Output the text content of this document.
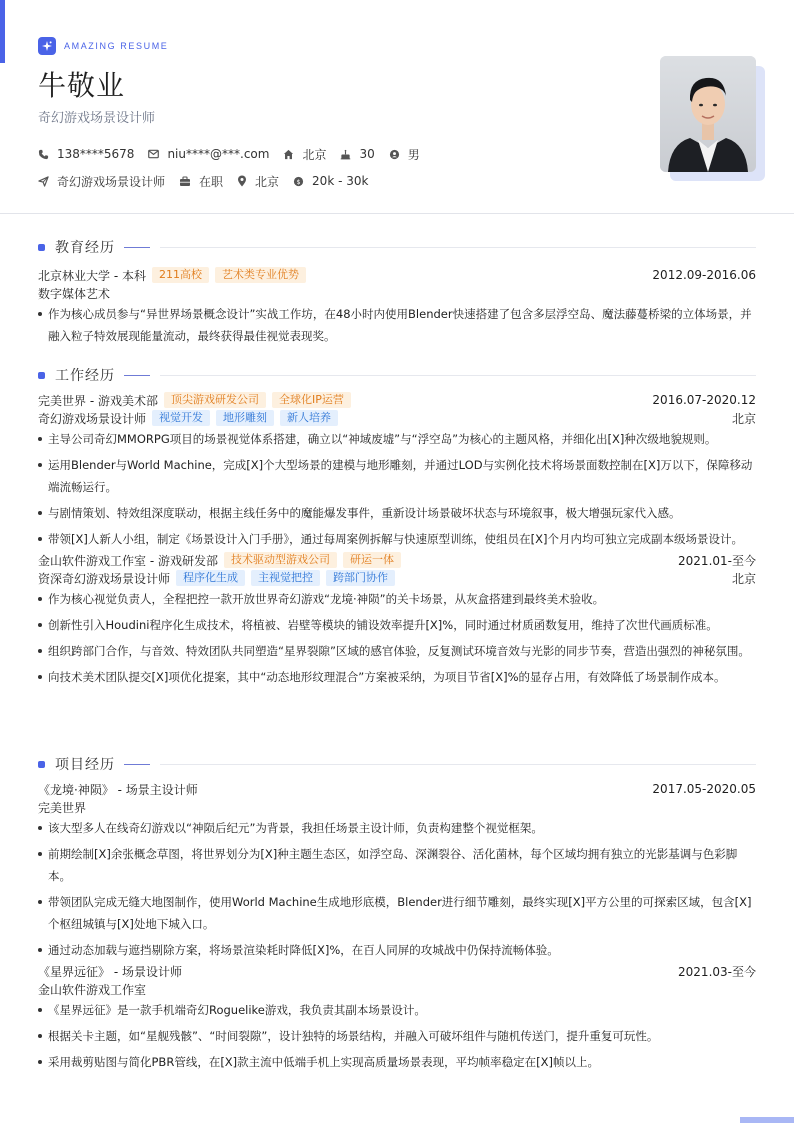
AMAZING RESUME
牛敬业
奇幻游戏场景设计师
138****5678	niu****@***.com	北京	30	男
奇幻游戏场景设计师	在职	北京 $ 20k - 30k
教育经历
北京林业大学 - 本科	211高校	艺术类专业优势	2012.09-2016.06
数字媒体艺术
作为核心成员参与“异世界场景概念设计”实战工作坊，在48小时内使用Blender快速搭建了包含多层浮空岛、魔法藤蔓桥梁的立体场景，并融入粒子特效展现能量流动，最终获得最佳视觉表现奖。
工作经历
完美世界 - 游戏美术部	顶尖游戏研发公司	全球化IP运营	2016.07-2020.12
奇幻游戏场景设计师	视觉开发	地形雕刻	新人培养	北京
主导公司奇幻MMORPG项目的场景视觉体系搭建，确立以“神域废墟”与“浮空岛”为核心的主题风格，并细化出[X]种次级地貌规则。
运用Blender与World Machine，完成[X]个大型场景的建模与地形雕刻，并通过LOD与实例化技术将场景面数控制在[X]万以下，保障移动端流畅运行。
与剧情策划、特效组深度联动，根据主线任务中的魔能爆发事件，重新设计场景破坏状态与环境叙事，极大增强玩家代入感。
带领[X]人新人小组，制定《场景设计入门手册》，通过每周案例拆解与快速原型训练，使组员在[X]个月内均可独立完成副本级场景设计。
金山软件游戏工作室 - 游戏研发部	技术驱动型游戏公司	研运一体	2021.01-至今
资深奇幻游戏场景设计师	程序化生成	主视觉把控	跨部门协作	北京
作为核心视觉负责人，全程把控一款开放世界奇幻游戏“龙境·神陨”的关卡场景，从灰盒搭建到最终美术验收。
创新性引入Houdini程序化生成技术，将植被、岩壁等模块的铺设效率提升[X]%，同时通过材质函数复用，维持了次世代画质标准。
组织跨部门合作，与音效、特效团队共同塑造“星界裂隙”区域的感官体验，反复测试环境音效与光影的同步节奏，营造出强烈的神秘氛围。
向技术美术团队提交[X]项优化提案，其中“动态地形纹理混合”方案被采纳，为项目节省[X]%的显存占用，有效降低了场景制作成本。
项目经历
《龙境·神陨》 - 场景主设计师	2017.05-2020.05
完美世界
该大型多人在线奇幻游戏以“神陨后纪元”为背景，我担任场景主设计师，负责构建整个视觉框架。
前期绘制[X]余张概念草图，将世界划分为[X]种主题生态区，如浮空岛、深渊裂谷、活化菌林，每个区域均拥有独立的光影基调与色彩脚本。
带领团队完成无缝大地图制作，使用World Machine生成地形底模，Blender进行细节雕刻，最终实现[X]平方公里的可探索区域，包含[X]个枢纽城镇与[X]处地下城入口。
通过动态加载与遮挡剔除方案，将场景渲染耗时降低[X]%，在百人同屏的攻城战中仍保持流畅体验。
《星界远征》 - 场景设计师	2021.03-至今
金山软件游戏工作室
《星界远征》是一款手机端奇幻Roguelike游戏，我负责其副本场景设计。
根据关卡主题，如“星舰残骸”、“时间裂隙”，设计独特的场景结构，并融入可破坏组件与随机传送门，提升重复可玩性。
采用裁剪贴图与简化PBR管线，在[X]款主流中低端手机上实现高质量场景表现，平均帧率稳定在[X]帧以上。
